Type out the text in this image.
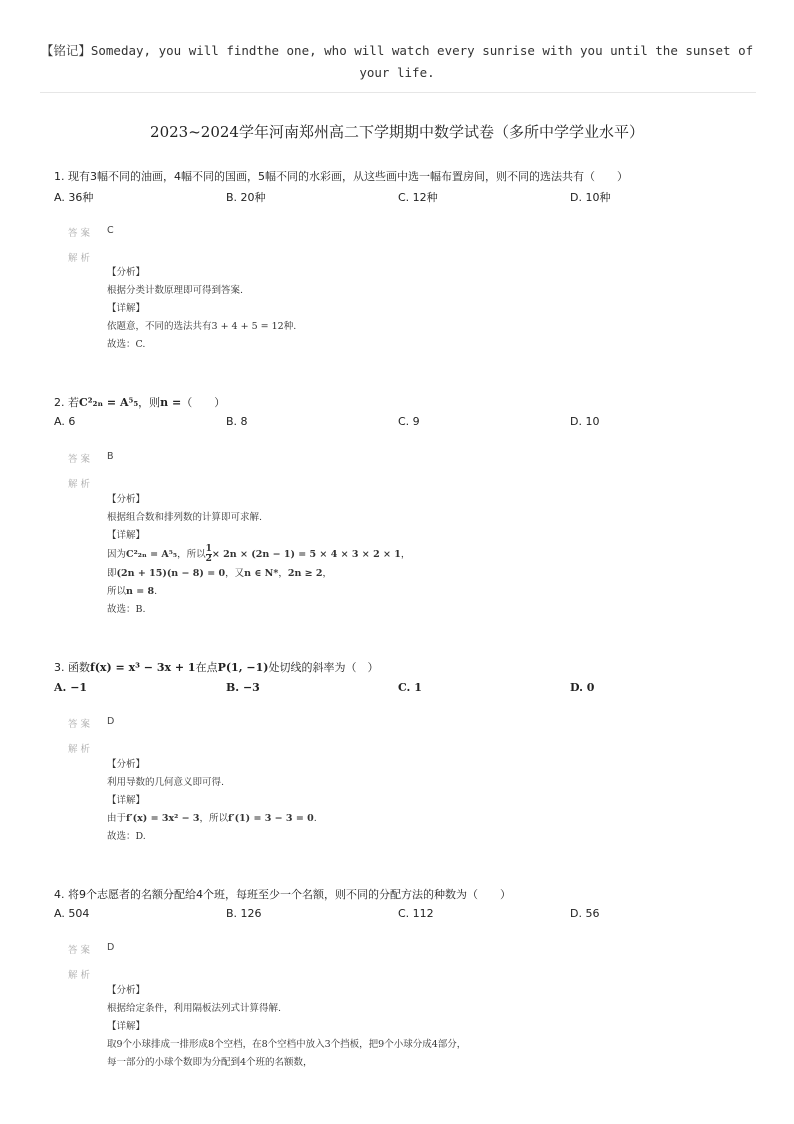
【铭记】Someday, you will findthe one, who will watch every sunrise with you until the sunset of your life.
2023~2024学年河南郑州高二下学期期中数学试卷（多所中学学业水平）
1. 现有3幅不同的油画，4幅不同的国画，5幅不同的水彩画，从这些画中选一幅布置房间，则不同的选法共有（　　）
A. 36种	B. 20种	C. 12种	D. 10种
答案 C
解析
【分析】
根据分类计数原理即可得到答案.
【详解】
依题意，不同的选法共有3 + 4 + 5 = 12种.
故选：C.
2. 若C²₂ₙ = A⁵₅，则n =（　　）
A. 6	B. 8	C. 9	D. 10
答案 B
解析
【分析】
根据组合数和排列数的计算即可求解.
【详解】
因为C²₂ₙ = A⁵₅，所以 $\frac{1}{2} \times 2n \times (2n - 1) = 5 \times 4 \times 3 \times 2 \times 1$，
即(2n + 15)(n − 8) = 0，又n ∈ N*，2n ≥ 2，
所以n = 8.
故选：B.
3. 函数f(x) = x³ − 3x + 1在点P(1, −1)处切线的斜率为（　）
A. −1	B. −3	C. 1	D. 0
答案 D
解析
【分析】
利用导数的几何意义即可得.
【详解】
由于f′(x) = 3x² − 3，所以f′(1) = 3 − 3 = 0.
故选：D.
4. 将9个志愿者的名额分配给4个班，每班至少一个名额，则不同的分配方法的种数为（　　）
A. 504	B. 126	C. 112	D. 56
答案 D
解析
【分析】
根据给定条件，利用隔板法列式计算得解.
【详解】
取9个小球排成一排形成8个空档，在8个空档中放入3个挡板，把9个小球分成4部分，
每一部分的小球个数即为分配到4个班的名额数，
